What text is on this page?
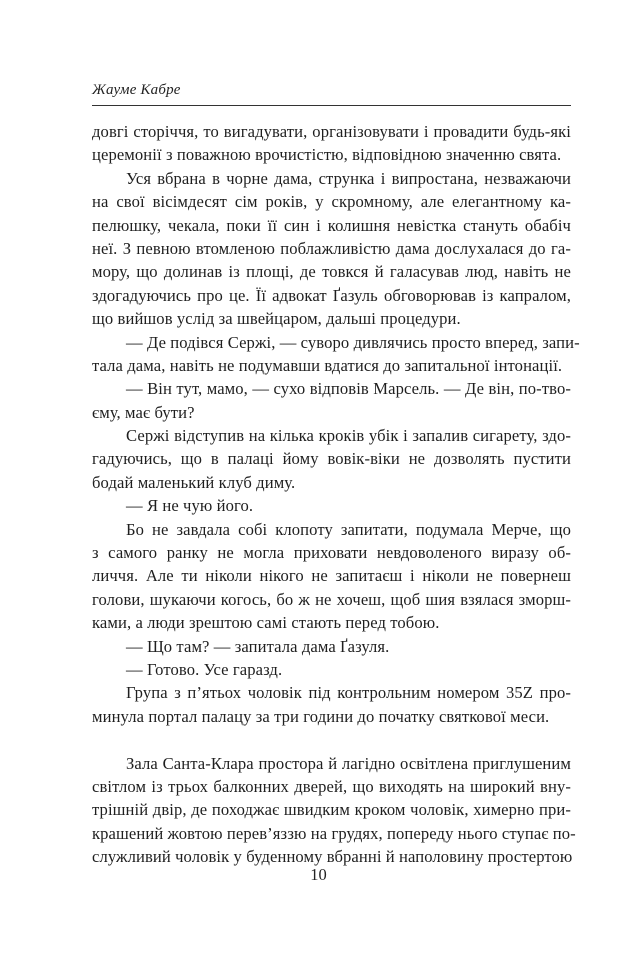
Жауме Кабре
довгі сторіччя, то вигадувати, організовувати і провадити будь-які
церемонії з поважною врочистістю, відповідною значенню свята.
Уся вбрана в чорне дама, струнка і випростана, незважаючи
на свої вісімдесят сім років, у скромному, але елегантному ка-
пелюшку, чекала, поки її син і колишня невістка стануть обабіч
неї. З певною втомленою поблажливістю дама дослухалася до га-
мору, що долинав із площі, де товкся й галасував люд, навіть не
здогадуючись про це. Її адвокат Ґазуль обговорював із капралом,
що вийшов услід за швейцаром, дальші процедури.
— Де подівся Сержі, — суворо дивлячись просто вперед, запи-
тала дама, навіть не подумавши вдатися до запитальної інтонації.
— Він тут, мамо, — сухо відповів Марсель. — Де він, по-тво-
єму, має бути?
Сержі відступив на кілька кроків убік і запалив сигарету, здо-
гадуючись, що в палаці йому вовік-віки не дозволять пустити
бодай маленький клуб диму.
— Я не чую його.
Бо не завдала собі клопоту запитати, подумала Мерче, що
з самого ранку не могла приховати невдоволеного виразу об-
личчя. Але ти ніколи нікого не запитаєш і ніколи не повернеш
голови, шукаючи когось, бо ж не хочеш, щоб шия взялася зморш-
ками, а люди зрештою самі стають перед тобою.
— Що там? — запитала дама Ґазуля.
— Готово. Усе гаразд.
Група з п’ятьох чоловік під контрольним номером 35Z про-
минула портал палацу за три години до початку святкової меси.
Зала Санта-Клара простора й лагідно освітлена приглушеним
світлом із трьох балконних дверей, що виходять на широкий вну-
трішній двір, де походжає швидким кроком чоловік, химерно при-
крашений жовтою перев’яззю на грудях, попереду нього ступає по-
служливий чоловік у буденному вбранні й наполовину простертою
10
